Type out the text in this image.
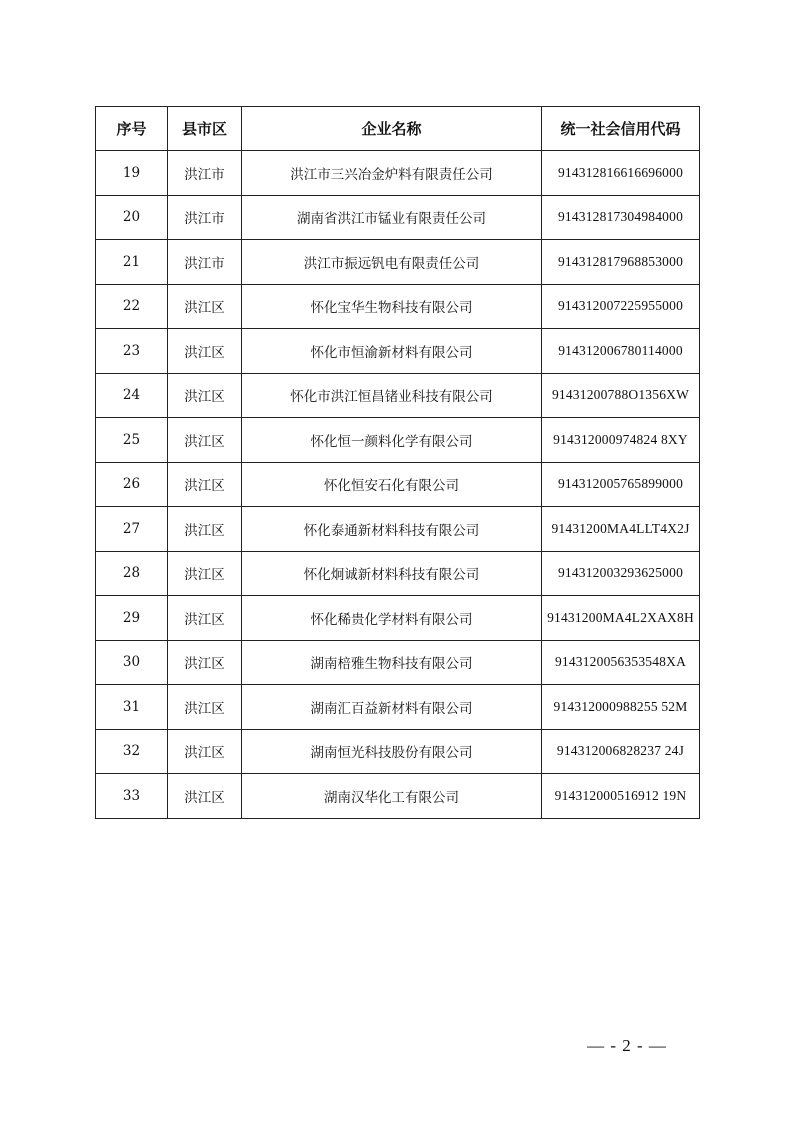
序号	县市区	企业名称	统一社会信用代码
19	洪江市	洪江市三兴冶金炉料有限责任公司	914312816616696000
20	洪江市	湖南省洪江市锰业有限责任公司	914312817304984000
21	洪江市	洪江市振远钒电有限责任公司	914312817968853000
22	洪江区	怀化宝华生物科技有限公司	914312007225955000
23	洪江区	怀化市恒渝新材料有限公司	914312006780114000
24	洪江区	怀化市洪江恒昌锗业科技有限公司	91431200788O1356XW
25	洪江区	怀化恒一颜料化学有限公司	914312000974824 8XY
26	洪江区	怀化恒安石化有限公司	914312005765899000
27	洪江区	怀化泰通新材料科技有限公司	91431200MA4LLT4X2J
28	洪江区	怀化炯诚新材料科技有限公司	914312003293625000
29	洪江区	怀化稀贵化学材料有限公司	91431200MA4L2XAX8H
30	洪江区	湖南棓雅生物科技有限公司	9143120056353548XA
31	洪江区	湖南汇百益新材料有限公司	914312000988255 52M
32	洪江区	湖南恒光科技股份有限公司	914312006828237 24J
33	洪江区	湖南汉华化工有限公司	914312000516912 19N
— - 2 - —
